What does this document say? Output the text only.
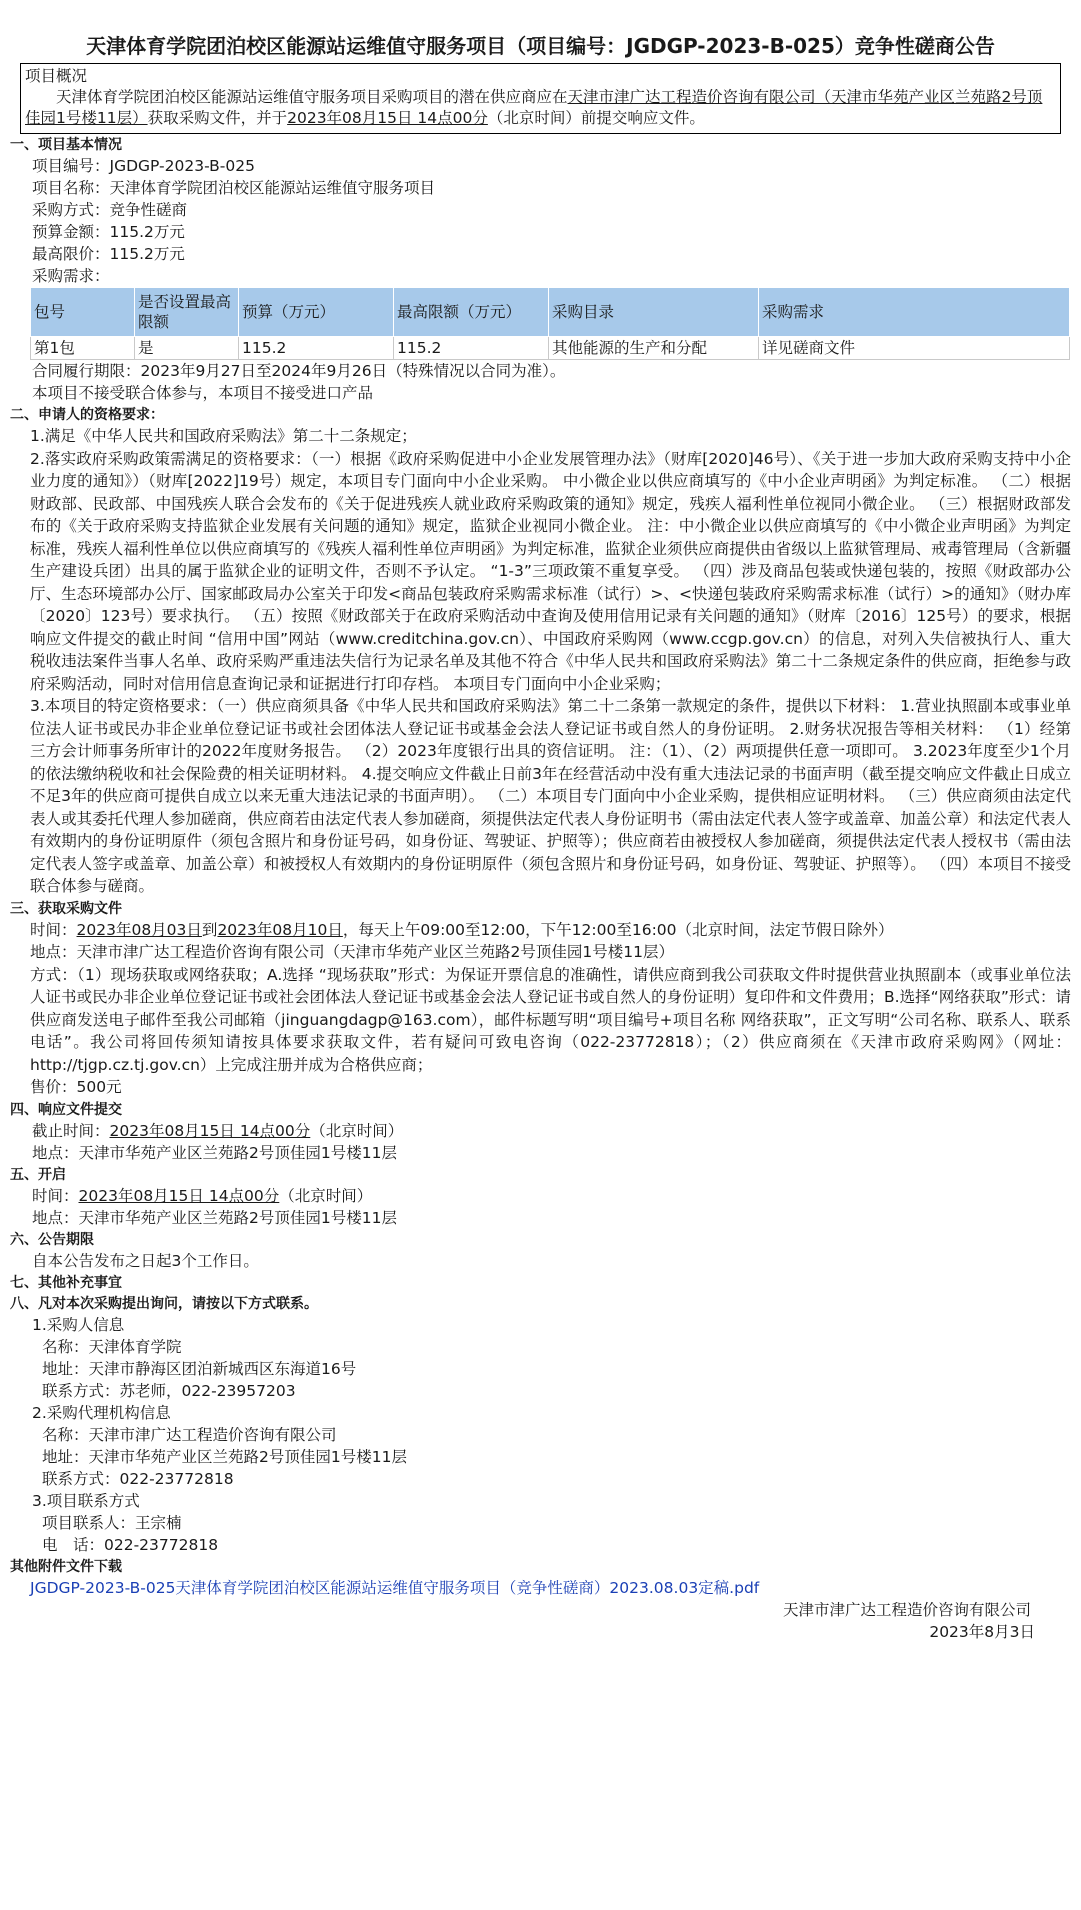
天津体育学院团泊校区能源站运维值守服务项目（项目编号：JGDGP-2023-B-025）竞争性磋商公告
项目概况
天津体育学院团泊校区能源站运维值守服务项目采购项目的潜在供应商应在天津市津广达工程造价咨询有限公司（天津市华苑产业区兰苑路2号顶佳园1号楼11层）获取采购文件，并于2023年08月15日 14点00分（北京时间）前提交响应文件。
一、项目基本情况
项目编号：JGDGP-2023-B-025
项目名称：天津体育学院团泊校区能源站运维值守服务项目
采购方式：竞争性磋商
预算金额：115.2万元
最高限价：115.2万元
采购需求：
包号	是否设置最高限额	预算（万元）	最高限额（万元）	采购目录	采购需求
第1包	是	115.2	115.2	其他能源的生产和分配	详见磋商文件
合同履行期限：2023年9月27日至2024年9月26日（特殊情况以合同为准）。
本项目不接受联合体参与，本项目不接受进口产品
二、申请人的资格要求：
1.满足《中华人民共和国政府采购法》第二十二条规定；
2.落实政府采购政策需满足的资格要求：（一）根据《政府采购促进中小企业发展管理办法》（财库[2020]46号）、《关于进一步加大政府采购支持中小企业力度的通知》）（财库[2022]19号）规定，本项目专门面向中小企业采购。 中小微企业以供应商填写的《中小企业声明函》为判定标准。 （二）根据财政部、民政部、中国残疾人联合会发布的《关于促进残疾人就业政府采购政策的通知》规定，残疾人福利性单位视同小微企业。 （三）根据财政部发布的《关于政府采购支持监狱企业发展有关问题的通知》规定，监狱企业视同小微企业。 注：中小微企业以供应商填写的《中小微企业声明函》为判定标准，残疾人福利性单位以供应商填写的《残疾人福利性单位声明函》为判定标准，监狱企业须供应商提供由省级以上监狱管理局、戒毒管理局（含新疆生产建设兵团）出具的属于监狱企业的证明文件，否则不予认定。 “1-3”三项政策不重复享受。 （四）涉及商品包装或快递包装的，按照《财政部办公厅、生态环境部办公厅、国家邮政局办公室关于印发<商品包装政府采购需求标准（试行）>、<快递包装政府采购需求标准（试行）>的通知》（财办库〔2020〕123号）要求执行。 （五）按照《财政部关于在政府采购活动中查询及使用信用记录有关问题的通知》（财库〔2016〕125号）的要求，根据响应文件提交的截止时间 “信用中国”网站（www.creditchina.gov.cn）、中国政府采购网（www.ccgp.gov.cn）的信息，对列入失信被执行人、重大税收违法案件当事人名单、政府采购严重违法失信行为记录名单及其他不符合《中华人民共和国政府采购法》第二十二条规定条件的供应商，拒绝参与政府采购活动，同时对信用信息查询记录和证据进行打印存档。 本项目专门面向中小企业采购；
3.本项目的特定资格要求：（一）供应商须具备《中华人民共和国政府采购法》第二十二条第一款规定的条件，提供以下材料： 1.营业执照副本或事业单位法人证书或民办非企业单位登记证书或社会团体法人登记证书或基金会法人登记证书或自然人的身份证明。 2.财务状况报告等相关材料： （1）经第三方会计师事务所审计的2022年度财务报告。 （2）2023年度银行出具的资信证明。 注：（1）、（2）两项提供任意一项即可。 3.2023年度至少1个月的依法缴纳税收和社会保险费的相关证明材料。 4.提交响应文件截止日前3年在经营活动中没有重大违法记录的书面声明（截至提交响应文件截止日成立不足3年的供应商可提供自成立以来无重大违法记录的书面声明）。 （二）本项目专门面向中小企业采购，提供相应证明材料。 （三）供应商须由法定代表人或其委托代理人参加磋商，供应商若由法定代表人参加磋商，须提供法定代表人身份证明书（需由法定代表人签字或盖章、加盖公章）和法定代表人有效期内的身份证明原件（须包含照片和身份证号码，如身份证、驾驶证、护照等）；供应商若由被授权人参加磋商，须提供法定代表人授权书（需由法定代表人签字或盖章、加盖公章）和被授权人有效期内的身份证明原件（须包含照片和身份证号码，如身份证、驾驶证、护照等）。 （四）本项目不接受联合体参与磋商。
三、获取采购文件
时间：2023年08月03日到2023年08月10日，每天上午09:00至12:00，下午12:00至16:00（北京时间，法定节假日除外）
地点：天津市津广达工程造价咨询有限公司（天津市华苑产业区兰苑路2号顶佳园1号楼11层）
方式：（1）现场获取或网络获取；A.选择 “现场获取”形式：为保证开票信息的准确性，请供应商到我公司获取文件时提供营业执照副本（或事业单位法人证书或民办非企业单位登记证书或社会团体法人登记证书或基金会法人登记证书或自然人的身份证明）复印件和文件费用；B.选择“网络获取”形式：请供应商发送电子邮件至我公司邮箱（jinguangdagp@163.com），邮件标题写明“项目编号+项目名称 网络获取”，正文写明“公司名称、联系人、联系电话”。我公司将回传须知请按具体要求获取文件，若有疑问可致电咨询（022-23772818）；（2）供应商须在《天津市政府采购网》（网址：http://tjgp.cz.tj.gov.cn）上完成注册并成为合格供应商；
售价：500元
四、响应文件提交
截止时间：2023年08月15日 14点00分（北京时间）
地点：天津市华苑产业区兰苑路2号顶佳园1号楼11层
五、开启
时间：2023年08月15日 14点00分（北京时间）
地点：天津市华苑产业区兰苑路2号顶佳园1号楼11层
六、公告期限
自本公告发布之日起3个工作日。
七、其他补充事宜
八、凡对本次采购提出询问，请按以下方式联系。
1.采购人信息
名称：天津体育学院
地址：天津市静海区团泊新城西区东海道16号
联系方式：苏老师，022-23957203
2.采购代理机构信息
名称：天津市津广达工程造价咨询有限公司
地址：天津市华苑产业区兰苑路2号顶佳园1号楼11层
联系方式：022-23772818
3.项目联系方式
项目联系人：王宗楠
电　话：022-23772818
其他附件文件下载
JGDGP-2023-B-025天津体育学院团泊校区能源站运维值守服务项目（竞争性磋商）2023.08.03定稿.pdf
天津市津广达工程造价咨询有限公司
2023年8月3日
